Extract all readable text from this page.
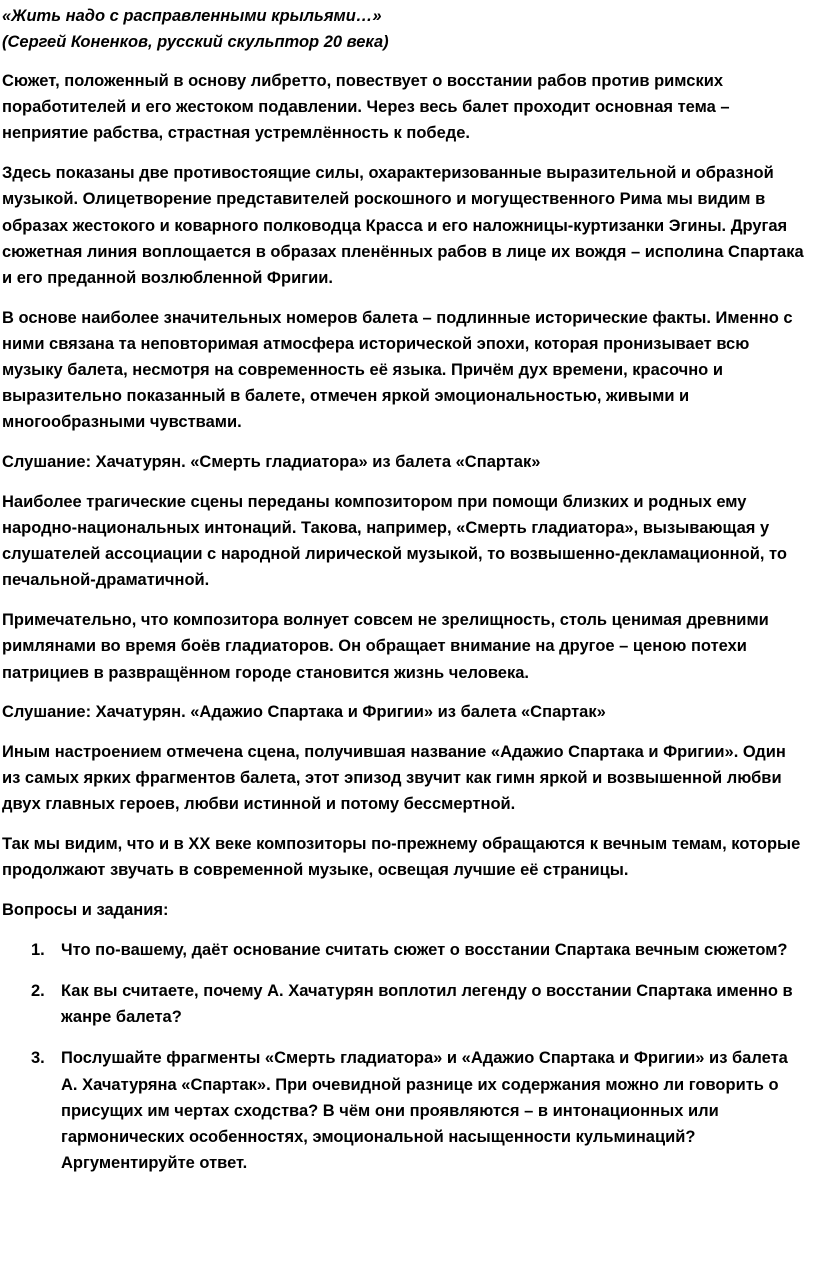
«Жить надо с расправленными крыльями…»
(Сергей Коненков, русский скульптор 20 века)

Сюжет, положенный в основу либретто, повествует о восстании рабов против римских поработителей и его жестоком подавлении. Через весь балет проходит основная тема – неприятие рабства, страстная устремлённость к победе.

Здесь показаны две противостоящие силы, охарактеризованные выразительной и образной музыкой. Олицетворение представителей роскошного и могущественного Рима мы видим в образах жестокого и коварного полководца Красса и его наложницы-куртизанки Эгины. Другая сюжетная линия воплощается в образах пленённых рабов в лице их вождя – исполина Спартака и его преданной возлюбленной Фригии.

В основе наиболее значительных номеров балета – подлинные исторические факты. Именно с ними связана та неповторимая атмосфера исторической эпохи, которая пронизывает всю музыку балета, несмотря на современность её языка. Причём дух времени, красочно и выразительно показанный в балете, отмечен яркой эмоциональностью, живыми и многообразными чувствами.

Слушание: Хачатурян. «Смерть гладиатора» из балета «Спартак»

Наиболее трагические сцены переданы композитором при помощи близких и родных ему народно-национальных интонаций. Такова, например, «Смерть гладиатора», вызывающая у слушателей ассоциации с народной лирической музыкой, то возвышенно-декламационной, то печальной-драматичной.

Примечательно, что композитора волнует совсем не зрелищность, столь ценимая древними римлянами во время боёв гладиаторов. Он обращает внимание на другое – ценою потехи патрициев в развращённом городе становится жизнь человека.

Слушание: Хачатурян. «Адажио Спартака и Фригии» из балета «Спартак»

Иным настроением отмечена сцена, получившая название «Адажио Спартака и Фригии». Один из самых ярких фрагментов балета, этот эпизод звучит как гимн яркой и возвышенной любви двух главных героев, любви истинной и потому бессмертной.

Так мы видим, что и в XX веке композиторы по-прежнему обращаются к вечным темам, которые продолжают звучать в современной музыке, освещая лучшие её страницы.

Вопросы и задания:

1. Что по-вашему, даёт основание считать сюжет о восстании Спартака вечным сюжетом?
2. Как вы считаете, почему А. Хачатурян воплотил легенду о восстании Спартака именно в жанре балета?
3. Послушайте фрагменты «Смерть гладиатора» и «Адажио Спартака и Фригии» из балета А. Хачатуряна «Спартак». При очевидной разнице их содержания можно ли говорить о присущих им чертах сходства? В чём они проявляются – в интонационных или гармонических особенностях, эмоциональной насыщенности кульминаций? Аргументируйте ответ.
